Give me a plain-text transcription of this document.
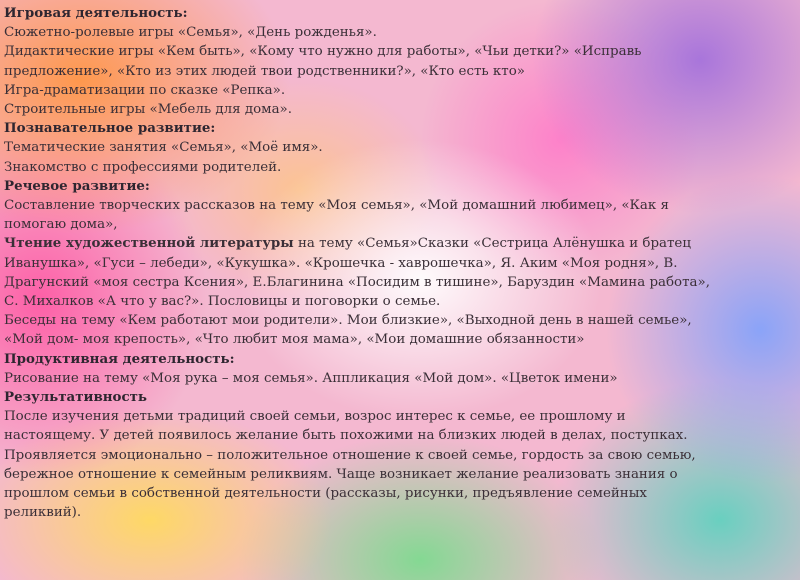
Игровая деятельность:
Сюжетно-ролевые игры «Семья», «День рожденья».
Дидактические игры «Кем быть», «Кому что нужно для работы», «Чьи детки?» «Исправь
предложение», «Кто из этих людей твои родственники?», «Кто есть кто»
Игра-драматизации по сказке «Репка».
Строительные игры «Мебель для дома».
Познавательное развитие:
Тематические занятия «Семья», «Моё имя».
Знакомство с профессиями родителей.
Речевое развитие:
Составление творческих рассказов на тему «Моя семья», «Мой домашний любимец», «Как я
помогаю дома»,
Чтение художественной литературы на тему «Семья»Сказки «Сестрица Алёнушка и братец
Иванушка», «Гуси – лебеди», «Кукушка». «Крошечка - хаврошечка», Я. Аким «Моя родня», В.
Драгунский «моя сестра Ксения», Е.Благинина «Посидим в тишине», Баруздин «Мамина работа»,
С. Михалков «А что у вас?». Пословицы и поговорки о семье.
Беседы на тему «Кем работают мои родители». Мои близкие», «Выходной день в нашей семье»,
«Мой дом- моя крепость», «Что любит моя мама», «Мои домашние обязанности»
Продуктивная деятельность:
Рисование на тему «Моя рука – моя семья». Аппликация «Мой дом». «Цветок имени»
Результативность
После изучения детьми традиций своей семьи, возрос интерес к семье, ее прошлому и
настоящему. У детей появилось желание быть похожими на близких людей в делах, поступках.
Проявляется эмоционально – положительное отношение к своей семье, гордость за свою семью,
бережное отношение к семейным реликвиям. Чаще возникает желание реализовать знания о
прошлом семьи в собственной деятельности (рассказы, рисунки, предъявление семейных
реликвий).
